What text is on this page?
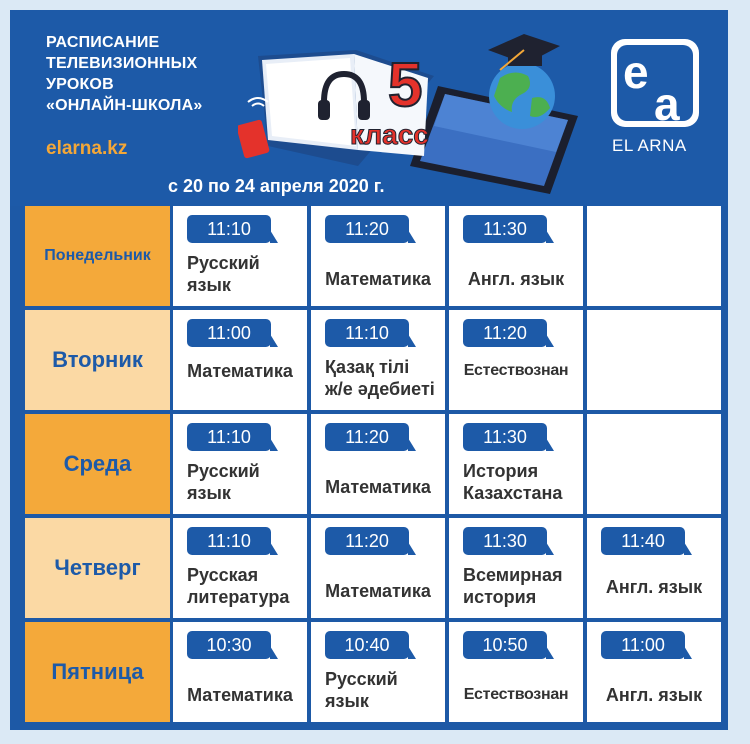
РАСПИСАНИЕ
ТЕЛЕВИЗИОННЫХ
УРОКОВ
«ОНЛАЙН-ШКОЛА»
elarna.kz
5
класс
e
a
EL ARNA
с 20 по 24 апреля 2020 г.
Понедельник
11:10
Русский
язык
11:20
Математика
11:30
Англ. язык
Вторник
11:00
Математика
11:10
Қазақ тілі
ж/е әдебиеті
11:20
Естествознан
Среда
11:10
Русский
язык
11:20
Математика
11:30
История
Казахстана
Четверг
11:10
Русская
литература
11:20
Математика
11:30
Всемирная
история
11:40
Англ. язык
Пятница
10:30
Математика
10:40
Русский
язык
10:50
Естествознан
11:00
Англ. язык
